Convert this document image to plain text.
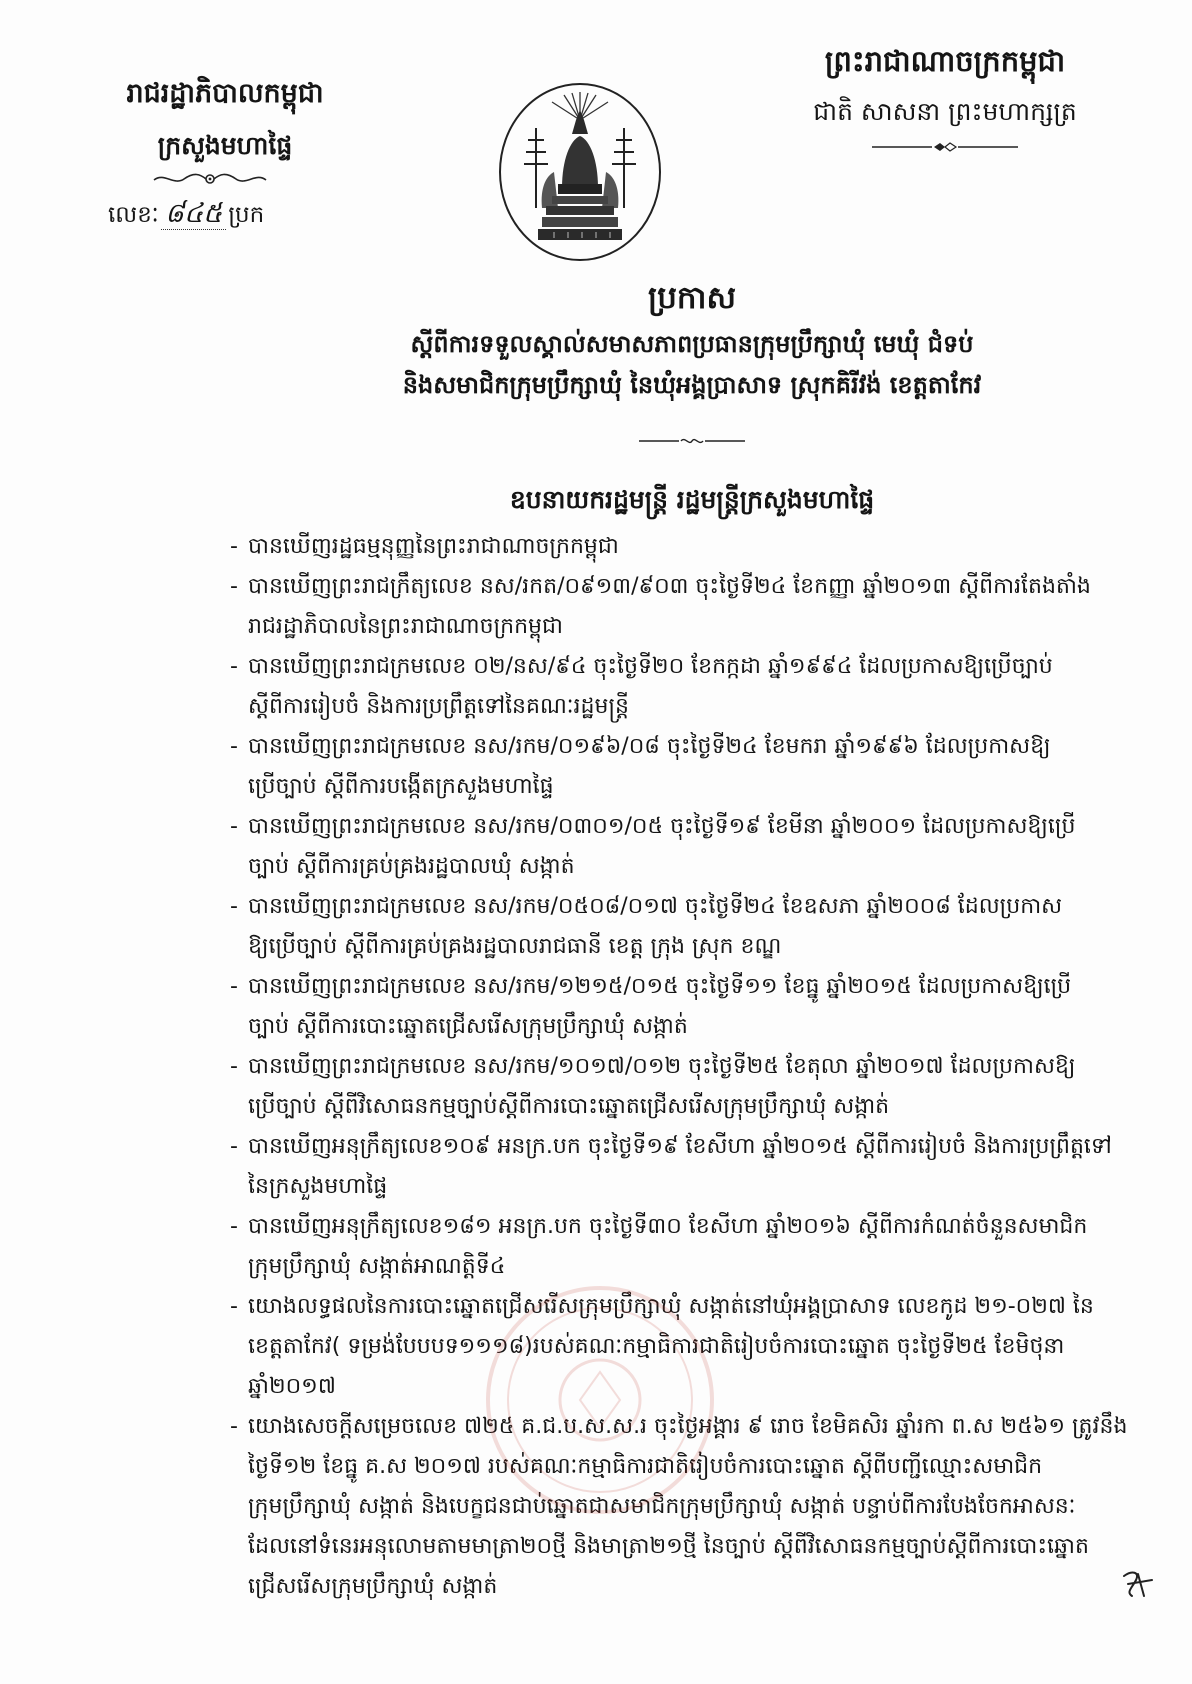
រាជរដ្ឋាភិបាលកម្ពុជា
ក្រសួងមហាផ្ទៃ
លេខៈ ៨៤៥ ប្រក
ព្រះរាជាណាចក្រកម្ពុជា
ជាតិ សាសនា ព្រះមហាក្សត្រ
ប្រកាស
ស្តីពីការទទួលស្គាល់សមាសភាពប្រធានក្រុមប្រឹក្សាឃុំ មេឃុំ ជំទប់
និងសមាជិកក្រុមប្រឹក្សាឃុំ នៃឃុំអង្គប្រាសាទ ស្រុកគិរីវង់ ខេត្តតាកែវ
ឧបនាយករដ្ឋមន្ត្រី រដ្ឋមន្ត្រីក្រសួងមហាផ្ទៃ
- បានឃើញរដ្ឋធម្មនុញ្ញនៃព្រះរាជាណាចក្រកម្ពុជា
- បានឃើញព្រះរាជក្រឹត្យលេខ នស/រកត/០៩១៣/៩០៣ ចុះថ្ងៃទី២៤ ខែកញ្ញា ឆ្នាំ២០១៣ ស្តីពីការតែងតាំង
រាជរដ្ឋាភិបាលនៃព្រះរាជាណាចក្រកម្ពុជា
- បានឃើញព្រះរាជក្រមលេខ ០២/នស/៩៤ ចុះថ្ងៃទី២០ ខែកក្កដា ឆ្នាំ១៩៩៤ ដែលប្រកាសឱ្យប្រើច្បាប់
ស្តីពីការរៀបចំ និងការប្រព្រឹត្តទៅនៃគណៈរដ្ឋមន្ត្រី
- បានឃើញព្រះរាជក្រមលេខ នស/រកម/០១៩៦/០៨ ចុះថ្ងៃទី២៤ ខែមករា ឆ្នាំ១៩៩៦ ដែលប្រកាសឱ្យ
ប្រើច្បាប់ ស្តីពីការបង្កើតក្រសួងមហាផ្ទៃ
- បានឃើញព្រះរាជក្រមលេខ នស/រកម/០៣០១/០៥ ចុះថ្ងៃទី១៩ ខែមីនា ឆ្នាំ២០០១ ដែលប្រកាសឱ្យប្រើ
ច្បាប់ ស្តីពីការគ្រប់គ្រងរដ្ឋបាលឃុំ សង្កាត់
- បានឃើញព្រះរាជក្រមលេខ នស/រកម/០៥០៨/០១៧ ចុះថ្ងៃទី២៤ ខែឧសភា ឆ្នាំ២០០៨ ដែលប្រកាស
ឱ្យប្រើច្បាប់ ស្តីពីការគ្រប់គ្រងរដ្ឋបាលរាជធានី ខេត្ត ក្រុង ស្រុក ខណ្ឌ
- បានឃើញព្រះរាជក្រមលេខ នស/រកម/១២១៥/០១៥ ចុះថ្ងៃទី១១ ខែធ្នូ ឆ្នាំ២០១៥ ដែលប្រកាសឱ្យប្រើ
ច្បាប់ ស្តីពីការបោះឆ្នោតជ្រើសរើសក្រុមប្រឹក្សាឃុំ សង្កាត់
- បានឃើញព្រះរាជក្រមលេខ នស/រកម/១០១៧/០១២ ចុះថ្ងៃទី២៥ ខែតុលា ឆ្នាំ២០១៧ ដែលប្រកាសឱ្យ
ប្រើច្បាប់ ស្តីពីវិសោធនកម្មច្បាប់ស្តីពីការបោះឆ្នោតជ្រើសរើសក្រុមប្រឹក្សាឃុំ សង្កាត់
- បានឃើញអនុក្រឹត្យលេខ១០៩ អនក្រ.បក ចុះថ្ងៃទី១៩ ខែសីហា ឆ្នាំ២០១៥ ស្តីពីការរៀបចំ និងការប្រព្រឹត្តទៅ
នៃក្រសួងមហាផ្ទៃ
- បានឃើញអនុក្រឹត្យលេខ១៨១ អនក្រ.បក ចុះថ្ងៃទី៣០ ខែសីហា ឆ្នាំ២០១៦ ស្តីពីការកំណត់ចំនួនសមាជិក
ក្រុមប្រឹក្សាឃុំ សង្កាត់អាណត្តិទី៤
- យោងលទ្ធផលនៃការបោះឆ្នោតជ្រើសរើសក្រុមប្រឹក្សាឃុំ សង្កាត់នៅឃុំអង្គប្រាសាទ លេខកូដ ២១-០២៧ នៃ
ខេត្តតាកែវ( ទម្រង់បែបបទ១១១៨)របស់គណៈកម្មាធិការជាតិរៀបចំការបោះឆ្នោត ចុះថ្ងៃទី២៥ ខែមិថុនា
ឆ្នាំ២០១៧
- យោងសេចក្តីសម្រេចលេខ ៧២៥ គ.ជ.ប.ស.ស.រ ចុះថ្ងៃអង្គារ ៩ រោច ខែមិគសិរ ឆ្នាំរកា ព.ស ២៥៦១ ត្រូវនឹង
ថ្ងៃទី១២ ខែធ្នូ គ.ស ២០១៧ របស់គណៈកម្មាធិការជាតិរៀបចំការបោះឆ្នោត ស្តីពីបញ្ជីឈ្មោះសមាជិក
ក្រុមប្រឹក្សាឃុំ សង្កាត់ និងបេក្ខជនជាប់ឆ្នោតជាសមាជិកក្រុមប្រឹក្សាឃុំ សង្កាត់ បន្ទាប់ពីការបែងចែកអាសនៈ
ដែលនៅទំនេរអនុលោមតាមមាត្រា២០ថ្មី និងមាត្រា២១ថ្មី នៃច្បាប់ ស្តីពីវិសោធនកម្មច្បាប់ស្តីពីការបោះឆ្នោត
ជ្រើសរើសក្រុមប្រឹក្សាឃុំ សង្កាត់
